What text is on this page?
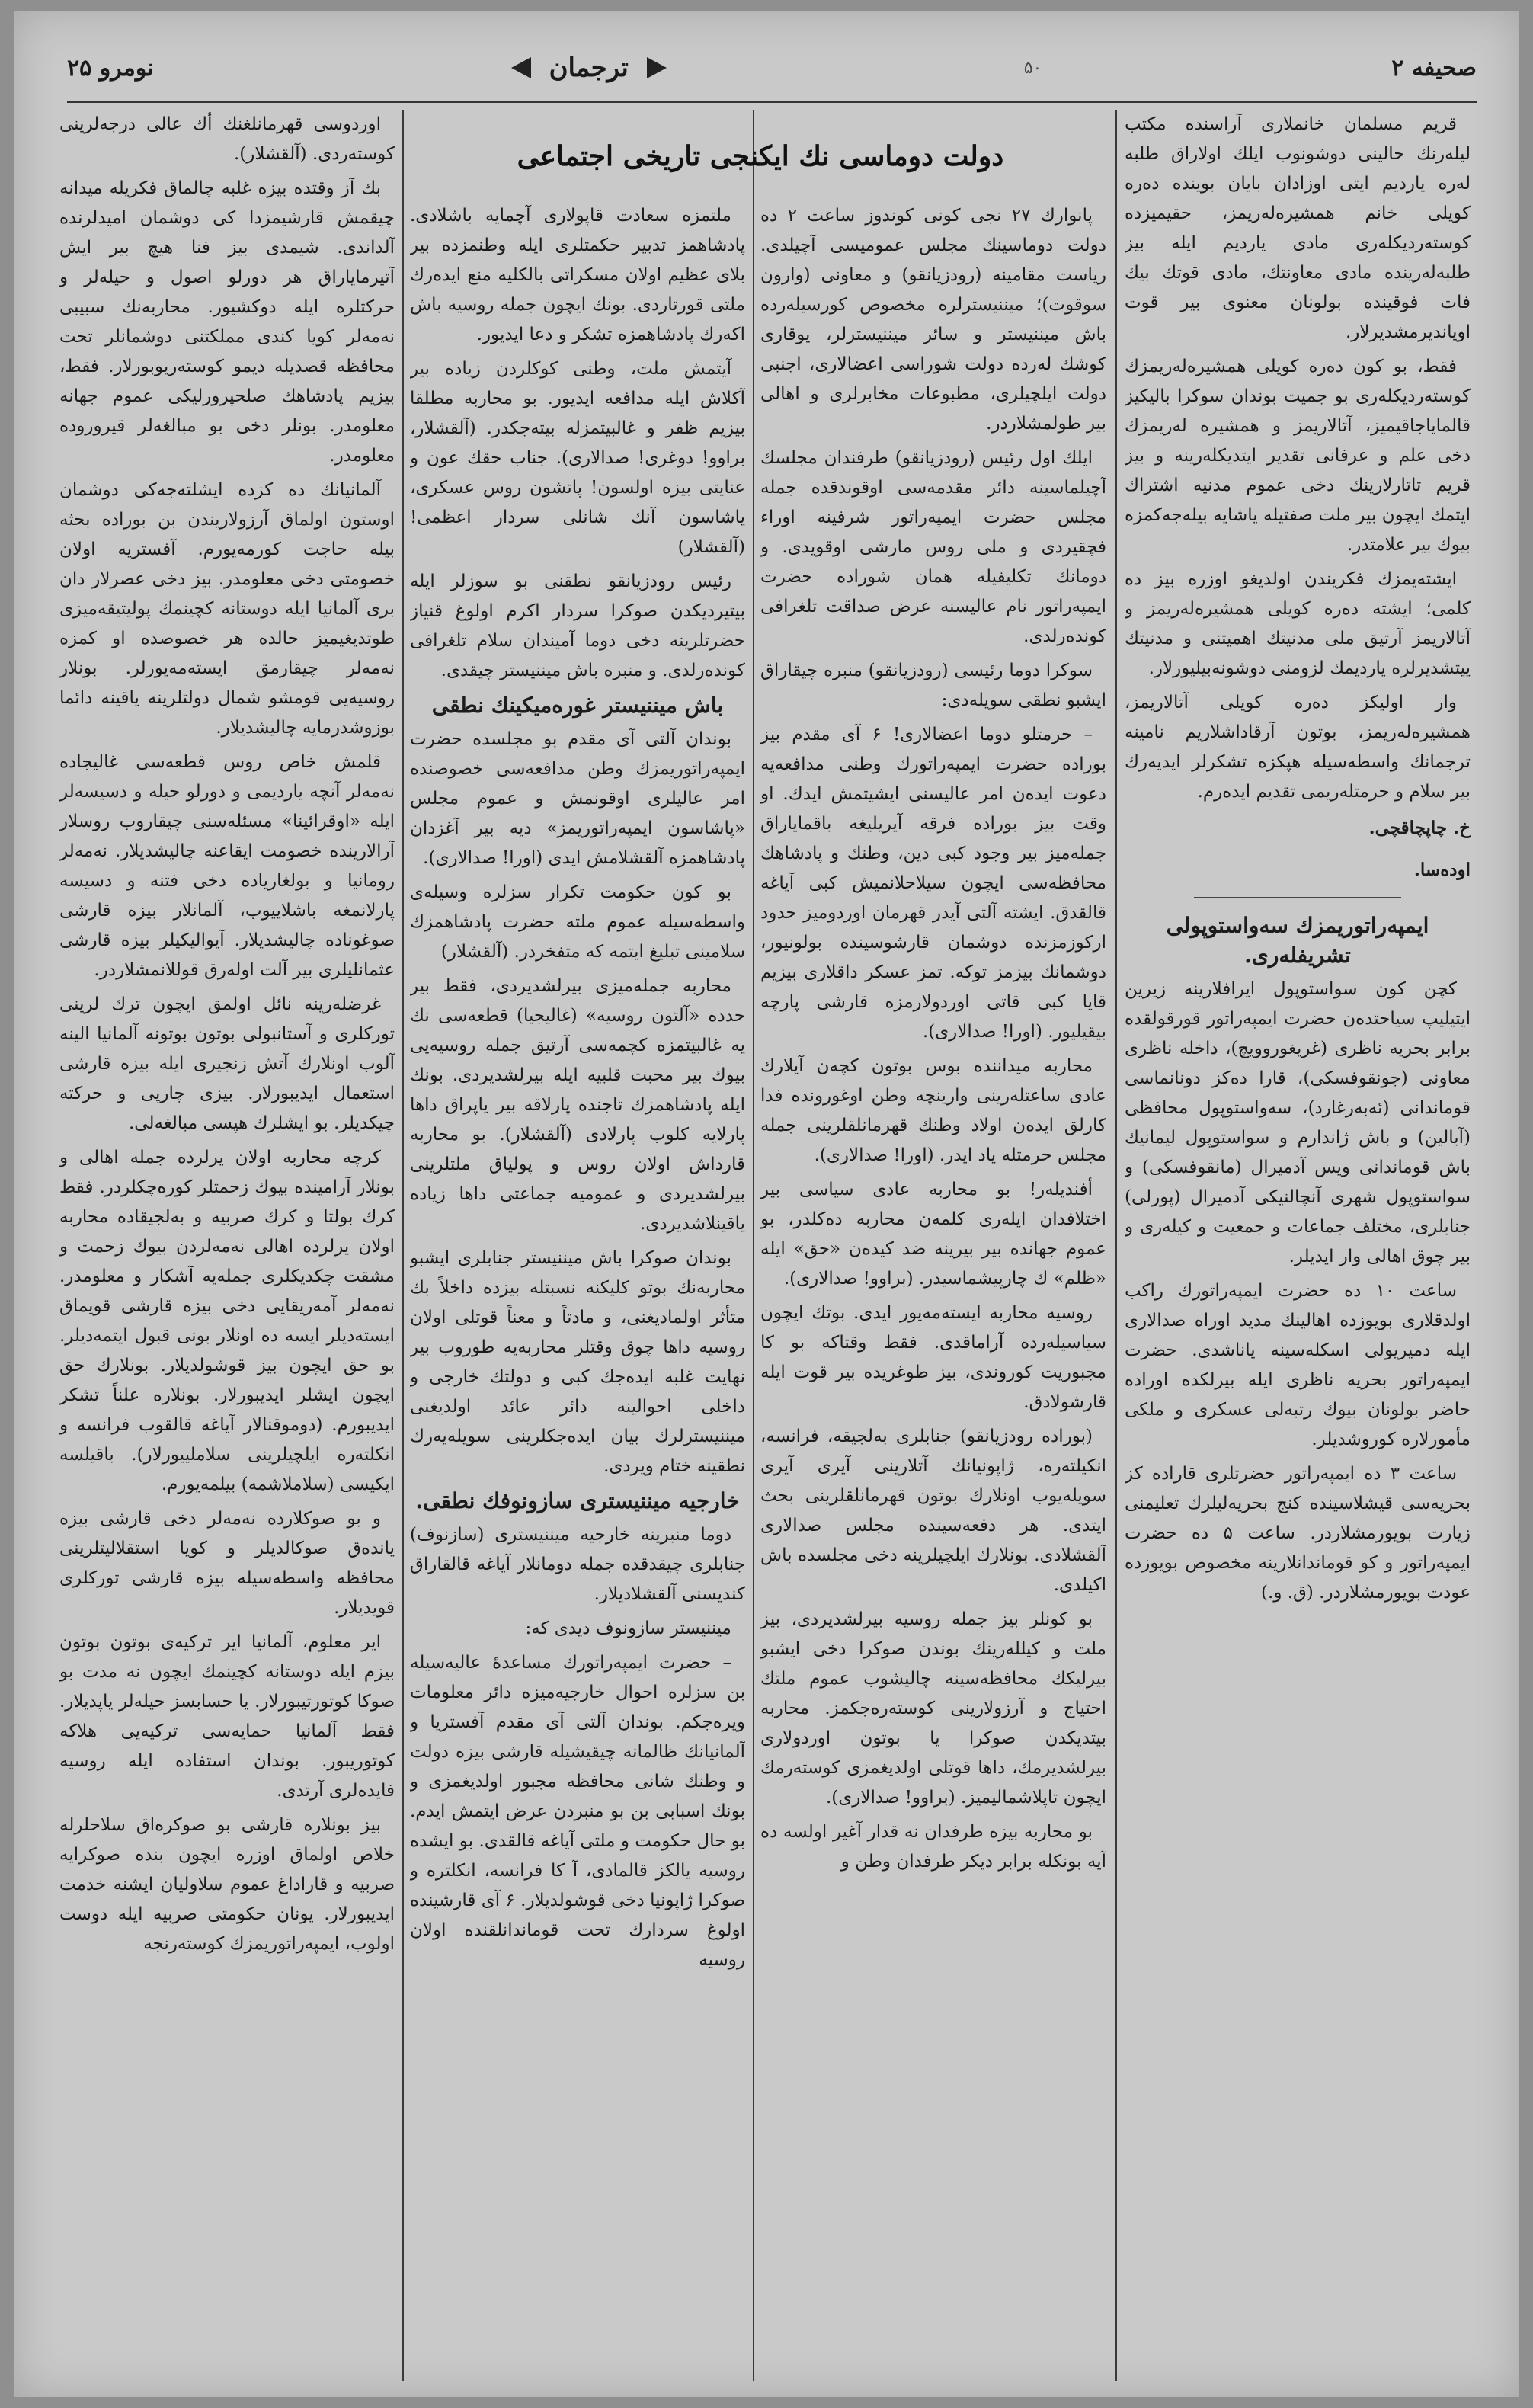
صحیفه ۲
۵۰
ترجمان
نومرو ۲۵

قریم مسلمان خانملاری آراسنده مکتب لیلەرنك حالینی دوشونوب ایلك اولاراق طلبە لەرە یاردیم ایتی اوزادان بایان بوینده دەرە کویلی خانم همشیرەلەریمز، حقیمیزدە کوستەردیکلەری مادی یاردیم ایلە بیز طلبەلەرینده مادی معاونتك، مادی قوتك بیك فات فوقینده بولونان معنوی بیر قوت اویاندیرمشدیرلار.

فقط، بو کون دەرە کویلی همشیرەلەریمزك کوستەردیکلەری بو جمیت بوندان سوکرا بالیکیز قالمایاجاقیمیز، آتالاریمز و همشیرە لەریمزك دخی علم و عرفانی تقدیر ایتدیکلەرینه و بیز قریم تاتارلارینك دخی عموم مدنیه اشتراك ایتمك ایچون بیر ملت صفتیله یاشایه بیلەجەکمزه بیوك بیر علامتدر.

ایشتەیمزك فکریندن اولدیغو اوزره بیز دە کلمی؛ ایشته دەرە کویلی همشیرەلەریمز و آتالاریمز آرتیق ملی مدنیتك اهمیتنی و مدنیتك ییتشدیرلرە یاردیمك لزومنی دوشونەبیلیورلار.

وار اولیکز دەرە کویلی آتالاریمز، همشیرەلەریمز، بوتون آرقاداشلاریم نامینه ترجمانك واسطەسیله هپکزە تشکرلر ایدیەرك بیر سلام و حرمتلەریمی تقدیم ایدەرم.

خ. چاپچاقچی.
اودەسا.

ایمپەراتوریمزك سەواستوپولی تشریفلەری.

کچن کون سواستوپول ایرافلارینه زیرین ایتیلیپ سیاحتدەن حضرت ایمپەراتور قورقولقدە برابر بحریه ناظری (غریغوروویچ)، داخله ناظری معاونی (جونقوفسکی)، قارا دەکز دونانماسی قوماندانی (ئەبەرغارد)، سەواستوپول محافظی (آبالین) و باش ژاندارم و سواستوپول لیمانیك باش قوماندانی ویس آدمیرال (مانقوفسکی) و سواستوپول شهری آنچالنیکی آدمیرال (پورلی) جنابلری، مختلف جماعات و جمعیت و کیلەری و بیر چوق اهالی وار ایدیلر.

ساعت ۱۰ ده حضرت ایمپەراتورك راکب اولدقلاری بویوزدە اهالینك مدید اوراە صدالاری ایله دمیریولی اسکلەسینه یاناشدی. حضرت ایمپەراتور بحریه ناظری ایله بیرلکده اورادە حاضر بولونان بیوك رتبەلی عسکری و ملکی مأمورلارە کوروشدیلر.

ساعت ۳ ده ایمپەراتور حضرتلری قارادە کز بحریەسی قیشلاسینده کنج بحریەلیلرك تعلیمنی زیارت بویورمشلاردر. ساعت ۵ ده حضرت ایمپەراتور و کو قوماندانلارینه مخصوص بویوزدە عودت بویورمشلاردر. (ق. و.)

دولت دوماسی نك ایکنجی تاریخی اجتماعی

پانوارك ۲۷ نجی کونی کوندوز ساعت ۲ ده دولت دوماسینك مجلس عمومیسی آچیلدی. ریاست مقامینه (رودزیانقو) و معاونی (وارون سوقوت)؛ میننیسترلره مخصوص کورسیلەردە باش میننیستر و سائر میننیسترلر، یوقاری کوشك لەردە دولت شوراسی اعضالاری، اجنبی دولت ایلچیلری، مطبوعات مخابرلری و اهالی بیر طولمشلاردر.

ایلك اول رئیس (رودزیانقو) طرفندان مجلسك آچیلماسینه دائر مقدمەسی اوقوندقده جمله مجلس حضرت ایمپەراتور شرفینه اوراء فچقیردی و ملی روس مارشی اوقویدی. و دومانك تکلیفیله همان شوراده حضرت ایمپەراتور نام عالیسنه عرض صداقت تلغرافی کوندەرلدی.

سوکرا دوما رئیسی (رودزیانقو) منبره چیقاراق ایشبو نطقی سویلەدی:

– حرمتلو دوما اعضالاری! ۶ آی مقدم بیز بورادە حضرت ایمپەراتورك وطنی مدافعەیه دعوت ایدەن امر عالیسنی ایشیتمش ایدك. او وقت بیز بورادە فرقه آیریلیغه باقمایاراق جملەمیز بیر وجود کبی دین، وطنك و پادشاهك محافظەسی ایچون سیلاحلانمیش کبی آیاغه قالقدق. ایشته آلتی آیدر قهرمان اوردومیز حدود ارکوزمزنده دوشمان قارشوسینده بولونیور، دوشمانك بیزمز توکە. تمز عسکر داقلاری بیزیم قایا کبی قاتی اوردولارمزه قارشی پارچه بیقیلیور. (اورا! صدالاری).

محاربه میداننده بوس بوتون کچەن آیلارك عادی ساعتلەرینی وارینچه وطن اوغوروندە فدا کارلق ایدەن اولاد وطنك قهرمانلقلرینی جمله مجلس حرمتلە یاد ایدر. (اورا! صدالاری).

أفندیلەر! بو محاربه عادی سیاسی بیر اختلافدان ایلەری کلمەن محاربه دەکلدر، بو عموم جهانده بیر بیرینه ضد کیدەن «حق» ایله «ظلم» ك چارپیشماسیدر. (براوو! صدالاری).

روسیه محاربه ایستەمەیور ایدی. بوتك ایچون سیاسیلەردە آراماقدی. فقط وقتاکه بو کا مجبوریت کوروندی، بیز طوغریده بیر قوت ایله قارشولادق.

(بورادە رودزیانقو) جنابلری بەلجیقه، فرانسه، انکیلتەره، ژاپونیانك آتلارینی آیری آیری سویلەیوب اونلارك بوتون قهرمانلقلرینی بحث ایتدی. هر دفعەسینده مجلس صدالاری آلقشلادی. بونلارك ایلچیلرینه دخی مجلسده باش اکیلدی.

بو کونلر بیز جمله روسیه بیرلشدیردی، بیز ملت و کیللەرینك بوندن صوکرا دخی ایشبو بیرلیکك محافظەسینه چالیشوب عموم ملتك احتیاج و آرزولارینی کوستەرەجکمز. محاربه بیتدیکدن صوکرا یا بوتون اوردولاری بیرلشدیرمك، داها قوتلی اولدیغمزی کوستەرمك ایچون تاپلاشمالیمیز. (براوو! صدالاری).

بو محاربه بیزه طرفدان نه قدار آغیر اولسه ده آیه بونکله برابر دیکر طرفدان وطن و

ملتمزه سعادت قاپولاری آچمایه باشلادی. پادشاهمز تدبیر حکمتلری ایله وطنمزده بیر بلای عظیم اولان مسکراتی بالکلیه منع ایدەرك ملتی قورتاردی. بونك ایچون جمله روسیه باش اکەرك پادشاهمزه تشکر و دعا ایدیور.

آیتمش ملت، وطنی کوکلردن زیاده بیر آکلاش ایله مدافعه ایدیور. بو محاربه مطلقا بیزیم ظفر و غالبیتمزله بیتەجکدر. (آلقشلار، براوو! دوغری! صدالاری). جناب حقك عون و عنایتی بیزه اولسون! پاتشون روس عسکری، یاشاسون آنك شانلی سردار اعظمی! (آلقشلار)

رئیس رودزیانقو نطقنی بو سوزلر ایله بیتیردیکدن صوکرا سردار اکرم اولوغ قنیاز حضرتلرینه دخی دوما آمیندان سلام تلغرافی کوندەرلدی. و منبره باش میننیستر چیقدی.

باش میننیستر غورەمیکینك نطقی

بوندان آلتی آی مقدم بو مجلسده حضرت ایمپەراتوریمزك وطن مدافعەسی خصوصنده امر عالیلری اوقونمش و عموم مجلس «پاشاسون ایمپەراتوریمز» دیه بیر آغزدان پادشاهمزه آلقشلامش ایدی (اورا! صدالاری).

بو کون حکومت تکرار سزلره وسیلەی واسطەسیله عموم ملته حضرت پادشاهمزك سلامینی تبلیغ ایتمه که متفخردر. (آلقشلار)

محاربه جملەمیزی بیرلشدیردی، فقط بیر حدده «آلتون روسیه» (غالیجیا) قطعەسی نك یه غالبیتمزه کچمەسی آرتیق جمله روسیه‌یی بیوك بیر محبت قلبیه ایله بیرلشدیردی. بونك ایله پادشاهمزك تاجنده پارلاقه بیر یاپراق داها پارلایه کلوب پارلادی (آلقشلار). بو محاربه قارداش اولان روس و پولیاق ملتلرینی بیرلشدیردی و عمومیه جماعتی داها زیاده یاقینلاشدیردی.

بوندان صوکرا باش میننیستر جنابلری ایشبو محاربەنك بوتو کلیکنه نسبتله بیزده داخلاً بك متأثر اولمادیغنی، و مادتاً و معناً قوتلی اولان روسیه داها چوق وقتلر محاربەیه طوروب بیر نهایت غلبه ایدەجك کبی و دولتك خارجی و داخلی احوالینه دائر عائد اولدیغنی میننیسترلرك بیان ایدەجکلرینی سویلەیەرك نطقینه ختام ویردی.

خارجیه میننیستری سازونوفك نطقی.

دوما منبرینه خارجیه میننیستری (سازنوف) جنابلری چیقدقده جمله دومانلار آیاغه قالقاراق کندیسنی آلقشلادیلار.

میننیستر سازونوف دیدی که:

– حضرت ایمپەراتورك مساعدهٔ عالیەسیله بن سزلره احوال خارجیەمیزه دائر معلومات ویرەجکم. بوندان آلتی آی مقدم آفستریا و آلمانیانك ظالمانه چیقیشیله قارشی بیزه دولت و وطنك شانی محافظه مجبور اولدیغمزی و بونك اسبابی بن بو منبردن عرض ایتمش ایدم. بو حال حکومت و ملتی آیاغه قالقدی. بو ایشده روسیه یالکز قالمادی، آ کا فرانسه، انکلتره و صوکرا ژاپونیا دخی قوشولدیلار. ۶ آی قارشینده اولوغ سردارك تحت قوماندانلقنده اولان روسیه

اوردوسی قهرمانلغنك أك عالی درجەلرینی کوستەردی. (آلقشلار).

بك آز وقتده بیزه غلبه چالماق فکریله میدانه چیقمش قارشیمزدا کی دوشمان امیدلرنده آلداندی. شیمدی بیز فنا هیچ بیر ایش آتیرمایاراق هر دورلو اصول و حیلەلر و حرکتلره ایله دوکشیور. محاربەنك سبیبی نەمەلر کویا کندی مملکتنی دوشمانلر تحت محافظه قصدیله دیمو کوستەریوبورلار. فقط، بیزیم پادشاهك صلحپرورلیکی عموم جهانه معلومدر. بونلر دخی بو مبالغه‌لر قیرورودە معلومدر.

آلمانیانك ده کزدە ایشلتەجەکی دوشمان اوستون اولماق آرزولاریندن بن بورادە بحثه بیله حاجت کورمەیورم. آفستریه اولان خصومتی دخی معلومدر. بیز دخی عصرلار دان بری آلمانیا ایله دوستانه کچینمك پولیتیقەمیزی طوتدیغیمیز حالدە هر خصوصده او کمزه نەمەلر چیقارمق ایستەمەیورلر. بونلار روسیه‌یی قومشو شمال دولتلرینه یاقینه دائما بوزوشدرمایه چالیشدیلار.

قلمش خاص روس قطعەسی غالیجاده نەمەلر آنچه یاردیمی و دورلو حیله و دسیسەلر ایله «اوقرائینا» مسئلەسنی چیقاروب روسلار آرالارینده خصومت ایقاعنه چالیشدیلار. نەمەلر رومانیا و بولغاریاده دخی فتنه و دسیسه پارلانمغه باشلاییوب، آلمانلار بیزه قارشی صوغوناده چالیشدیلار. آیوالیکیلر بیزه قارشی عثمانلیلری بیر آلت اولەرق قوللانمشلاردر.

غرضلەرینه نائل اولمق ایچون ترك لرینی تورکلری و آستانبولی بوتون بوتونه آلمانیا الینه آلوب اونلارك آتش زنجیری ایله بیزه قارشی استعمال ایدیبورلار. بیزی چارپی و حرکته چیکدیلر. بو ایشلرك هپسی مبالغه‌لی.

کرچه محاربه اولان یرلردە جمله اهالی و بونلار آرامینده بیوك زحمتلر کورەچکلردر. فقط کرك بولتا و کرك صربیه و بەلجیقاده محاربه اولان یرلردە اهالی نه‌مەلردن بیوك زحمت و مشقت چکدیکلری جملەیه آشکار و معلومدر. نەمەلر آمەریقایی دخی بیزه قارشی قویماق ایستەدیلر ایسه ده اونلار بونی قبول ایتمەدیلر. بو حق ایچون بیز قوشولدیلار. بونلارك حق ایچون ایشلر ایدیبورلار. بونلارە علناً تشکر ایدیبورم. (دوموقنالار آیاغه قالقوب فرانسه و انکلتەره ایلچیلرینی سلاملییورلار). باقیلسه ایکیسی (سلاملاشمه) بیلمەیورم.

و بو صوکلاردە نەمەلر دخی قارشی بیزه یاندەق صوکالدیلر و کویا استقلالیتلرینی محافظه واسطەسیله بیزه قارشی تورکلری قویدیلار.

ایر معلوم، آلمانیا ایر ترکیه‌ی بوتون بوتون بیزم ایله دوستانه کچینمك ایچون نه مدت بو صوکا کوتورتیبورلار. یا حسابسز حیله‌لر یاپدیلار. فقط آلمانیا حمایەسی ترکیه‌یی هلاکه کوتوریبور. بوندان استفاده ایله روسیه فایده‌لری آرتدی.

بیز بونلاره قارشی بو صوکره‌اق سلاحلرله خلاص اولماق اوزره ایچون بنده صوکرایه صربیه و قاراداغ عموم سلاولیان ایشنه خدمت ایدیبورلار. یونان حکومتی صربیه ایله دوست اولوب، ایمپەراتوریمزك کوستەرنجه
